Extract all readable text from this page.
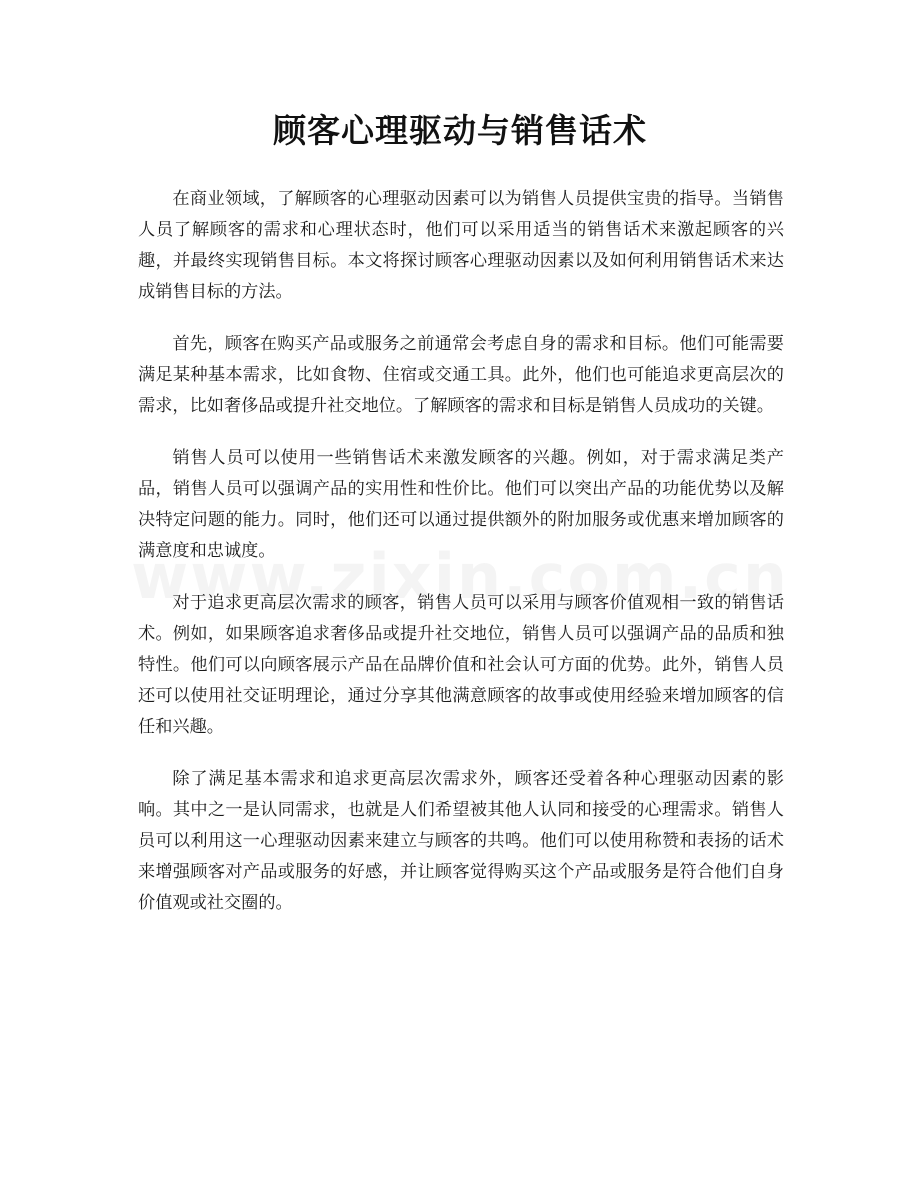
顾客心理驱动与销售话术

在商业领域，了解顾客的心理驱动因素可以为销售人员提供宝贵的指导。当销售人员了解顾客的需求和心理状态时，他们可以采用适当的销售话术来激起顾客的兴趣，并最终实现销售目标。本文将探讨顾客心理驱动因素以及如何利用销售话术来达成销售目标的方法。

首先，顾客在购买产品或服务之前通常会考虑自身的需求和目标。他们可能需要满足某种基本需求，比如食物、住宿或交通工具。此外，他们也可能追求更高层次的需求，比如奢侈品或提升社交地位。了解顾客的需求和目标是销售人员成功的关键。

销售人员可以使用一些销售话术来激发顾客的兴趣。例如，对于需求满足类产品，销售人员可以强调产品的实用性和性价比。他们可以突出产品的功能优势以及解决特定问题的能力。同时，他们还可以通过提供额外的附加服务或优惠来增加顾客的满意度和忠诚度。

对于追求更高层次需求的顾客，销售人员可以采用与顾客价值观相一致的销售话术。例如，如果顾客追求奢侈品或提升社交地位，销售人员可以强调产品的品质和独特性。他们可以向顾客展示产品在品牌价值和社会认可方面的优势。此外，销售人员还可以使用社交证明理论，通过分享其他满意顾客的故事或使用经验来增加顾客的信任和兴趣。

除了满足基本需求和追求更高层次需求外，顾客还受着各种心理驱动因素的影响。其中之一是认同需求，也就是人们希望被其他人认同和接受的心理需求。销售人员可以利用这一心理驱动因素来建立与顾客的共鸣。他们可以使用称赞和表扬的话术来增强顾客对产品或服务的好感，并让顾客觉得购买这个产品或服务是符合他们自身价值观或社交圈的。
